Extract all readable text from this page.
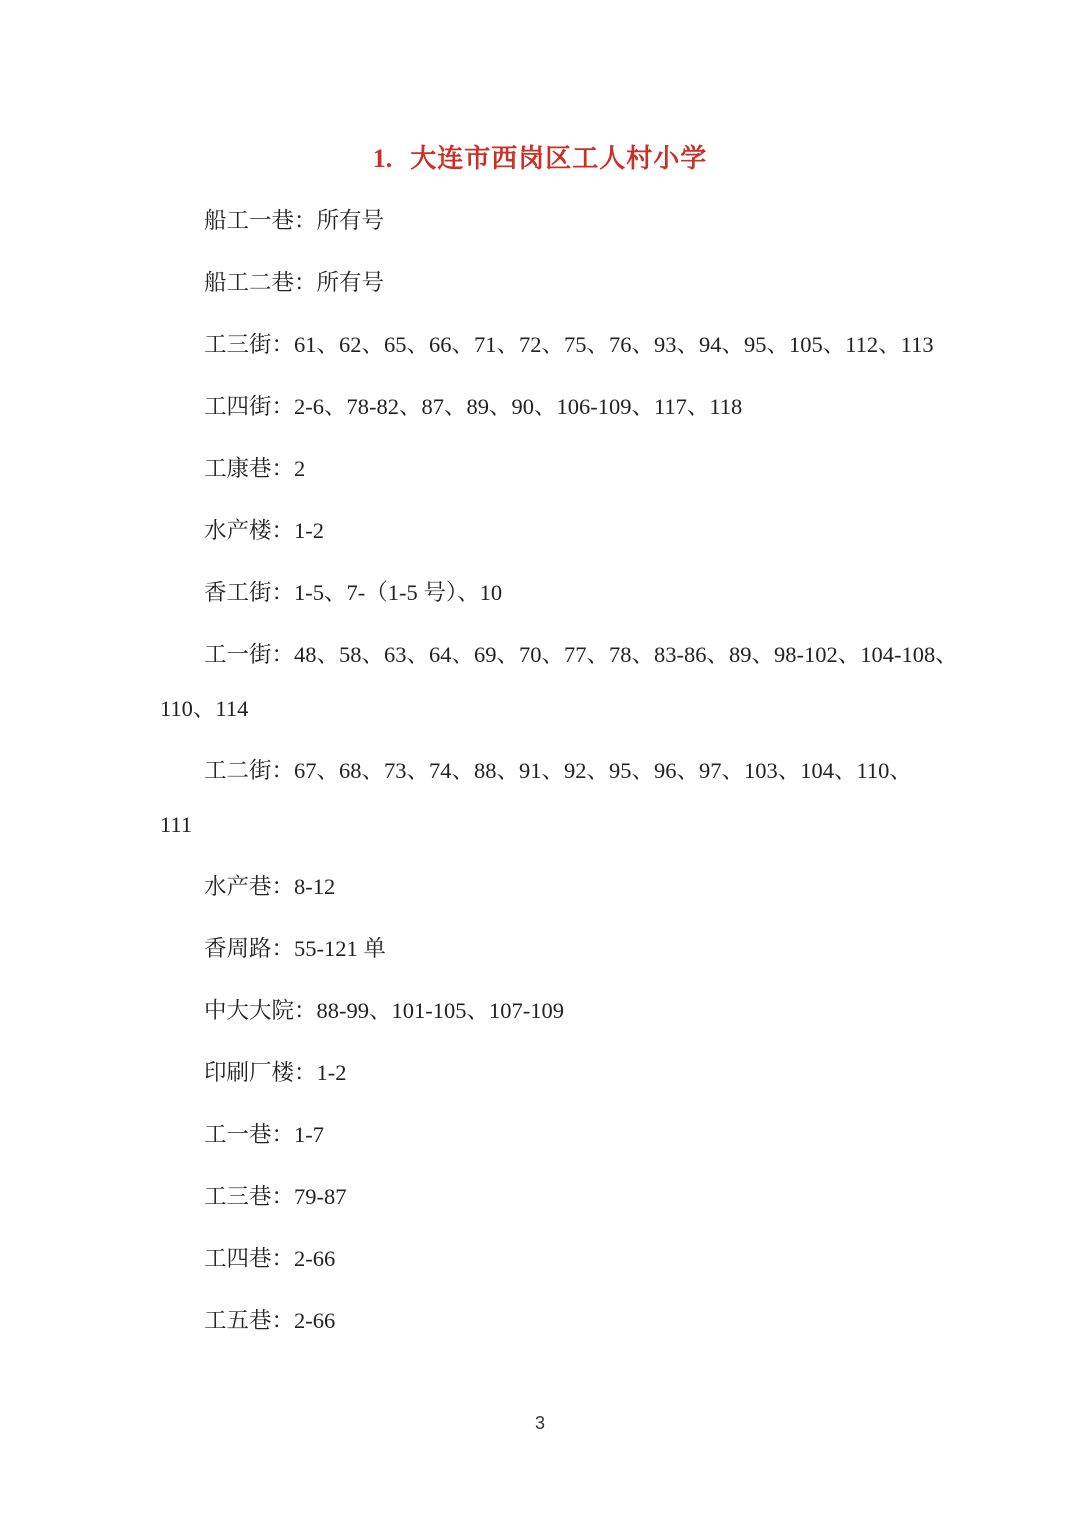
1. 大连市西岗区工人村小学
船工一巷：所有号
船工二巷：所有号
工三街：61、62、65、66、71、72、75、76、93、94、95、105、112、113
工四街：2-6、78-82、87、89、90、106-109、117、118
工康巷：2
水产楼：1-2
香工街：1-5、7-（1-5 号）、10
工一街：48、58、63、64、69、70、77、78、83-86、89、98-102、104-108、
110、114
工二街：67、68、73、74、88、91、92、95、96、97、103、104、110、
111
水产巷：8-12
香周路：55-121 单
中大大院：88-99、101-105、107-109
印刷厂楼：1-2
工一巷：1-7
工三巷：79-87
工四巷：2-66
工五巷：2-66
3
